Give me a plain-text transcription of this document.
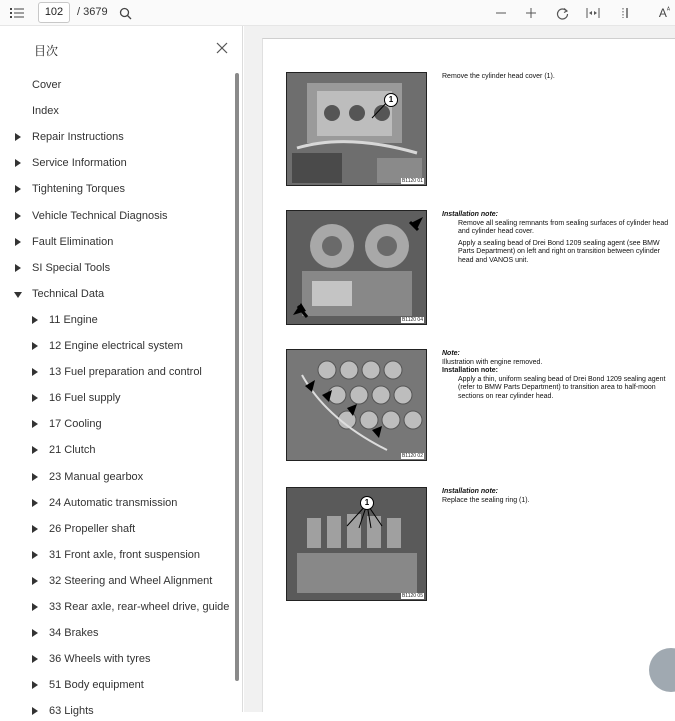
102	/ 3679	A ᴬ
目次
Cover
Index
Repair Instructions
Service Information
Tightening Torques
Vehicle Technical Diagnosis
Fault Elimination
SI Special Tools
Technical Data
11 Engine
12 Engine electrical system
13 Fuel preparation and control
16 Fuel supply
17 Cooling
21 Clutch
23 Manual gearbox
24 Automatic transmission
26 Propeller shaft
31 Front axle, front suspension
32 Steering and Wheel Alignment
33 Rear axle, rear-wheel drive, guide
34 Brakes
36 Wheels with tyres
51 Body equipment
63 Lights
1
B1120 01
Remove the cylinder head cover (1).
B1120 04
Installation note:
Remove all sealing remnants from sealing surfaces of cylinder head and cylinder head cover.
Apply a sealing bead of Drei Bond 1209 sealing agent (see BMW Parts Department) on left and right on transition between cylinder head and VANOS unit.
B1120 02
Note:
Illustration with engine removed.
Installation note:
Apply a thin, uniform sealing bead of Drei Bond 1209 sealing agent (refer to BMW Parts Department) to transition area to half-moon sections on rear cylinder head.
1
B1120 05
Installation note:
Replace the sealing ring (1).
